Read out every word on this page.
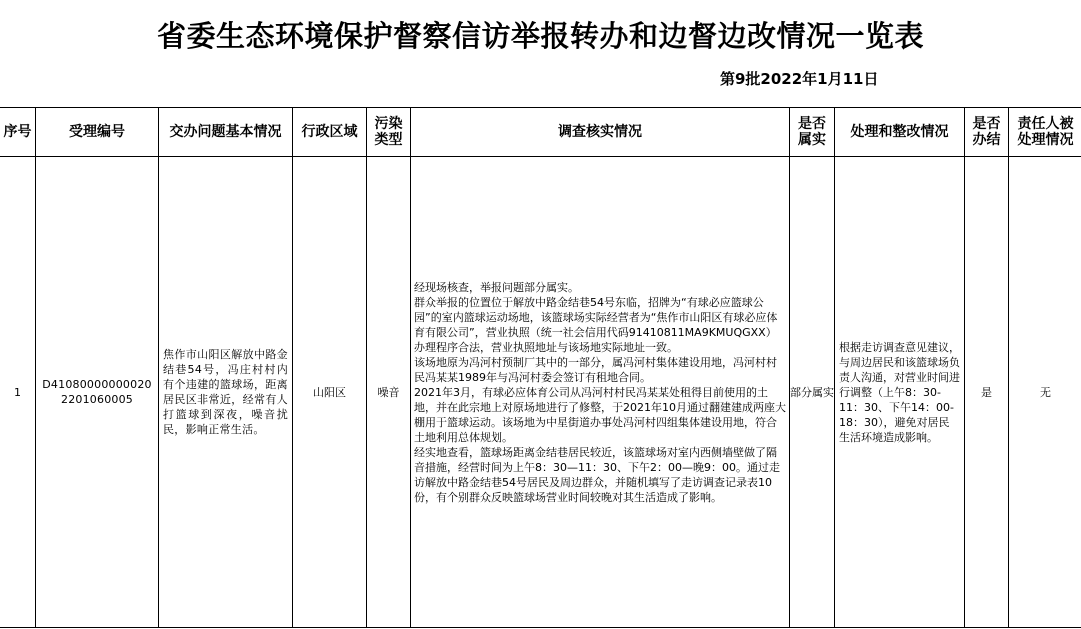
省委生态环境保护督察信访举报转办和边督边改情况一览表
第9批2022年1月11日
序号	受理编号	交办问题基本情况	行政区域	污染类型	调查核实情况	是否属实	处理和整改情况	是否办结	责任人被处理情况
1	D410800000000202201060005	焦作市山阳区解放中路金结巷54号，冯庄村村内有个违建的篮球场，距离居民区非常近，经常有人打篮球到深夜，噪音扰民，影响正常生活。	山阳区	噪音	经现场核查，举报问题部分属实。
群众举报的位置位于解放中路金结巷54号东临，招牌为“有球必应篮球公园”的室内篮球运动场地，该篮球场实际经营者为“焦作市山阳区有球必应体育有限公司”，营业执照（统一社会信用代码91410811MA9KMUQGXX）办理程序合法，营业执照地址与该场地实际地址一致。
该场地原为冯河村预制厂其中的一部分，属冯河村集体建设用地，冯河村村民冯某某1989年与冯河村委会签订有租地合同。
2021年3月，有球必应体育公司从冯河村村民冯某某处租得目前使用的土地，并在此宗地上对原场地进行了修整，于2021年10月通过翻建建成两座大棚用于篮球运动。该场地为中星街道办事处冯河村四组集体建设用地，符合土地利用总体规划。
经实地查看，篮球场距离金结巷居民较近，该篮球场对室内西侧墙壁做了隔音措施，经营时间为上午8：30—11：30、下午2：00—晚9：00。通过走访解放中路金结巷54号居民及周边群众，并随机填写了走访调查记录表10份，有个别群众反映篮球场营业时间较晚对其生活造成了影响。	部分属实	根据走访调查意见建议，与周边居民和该篮球场负责人沟通，对营业时间进行调整（上午8：30-11：30、下午14：00-18：30），避免对居民生活环境造成影响。	是	无
